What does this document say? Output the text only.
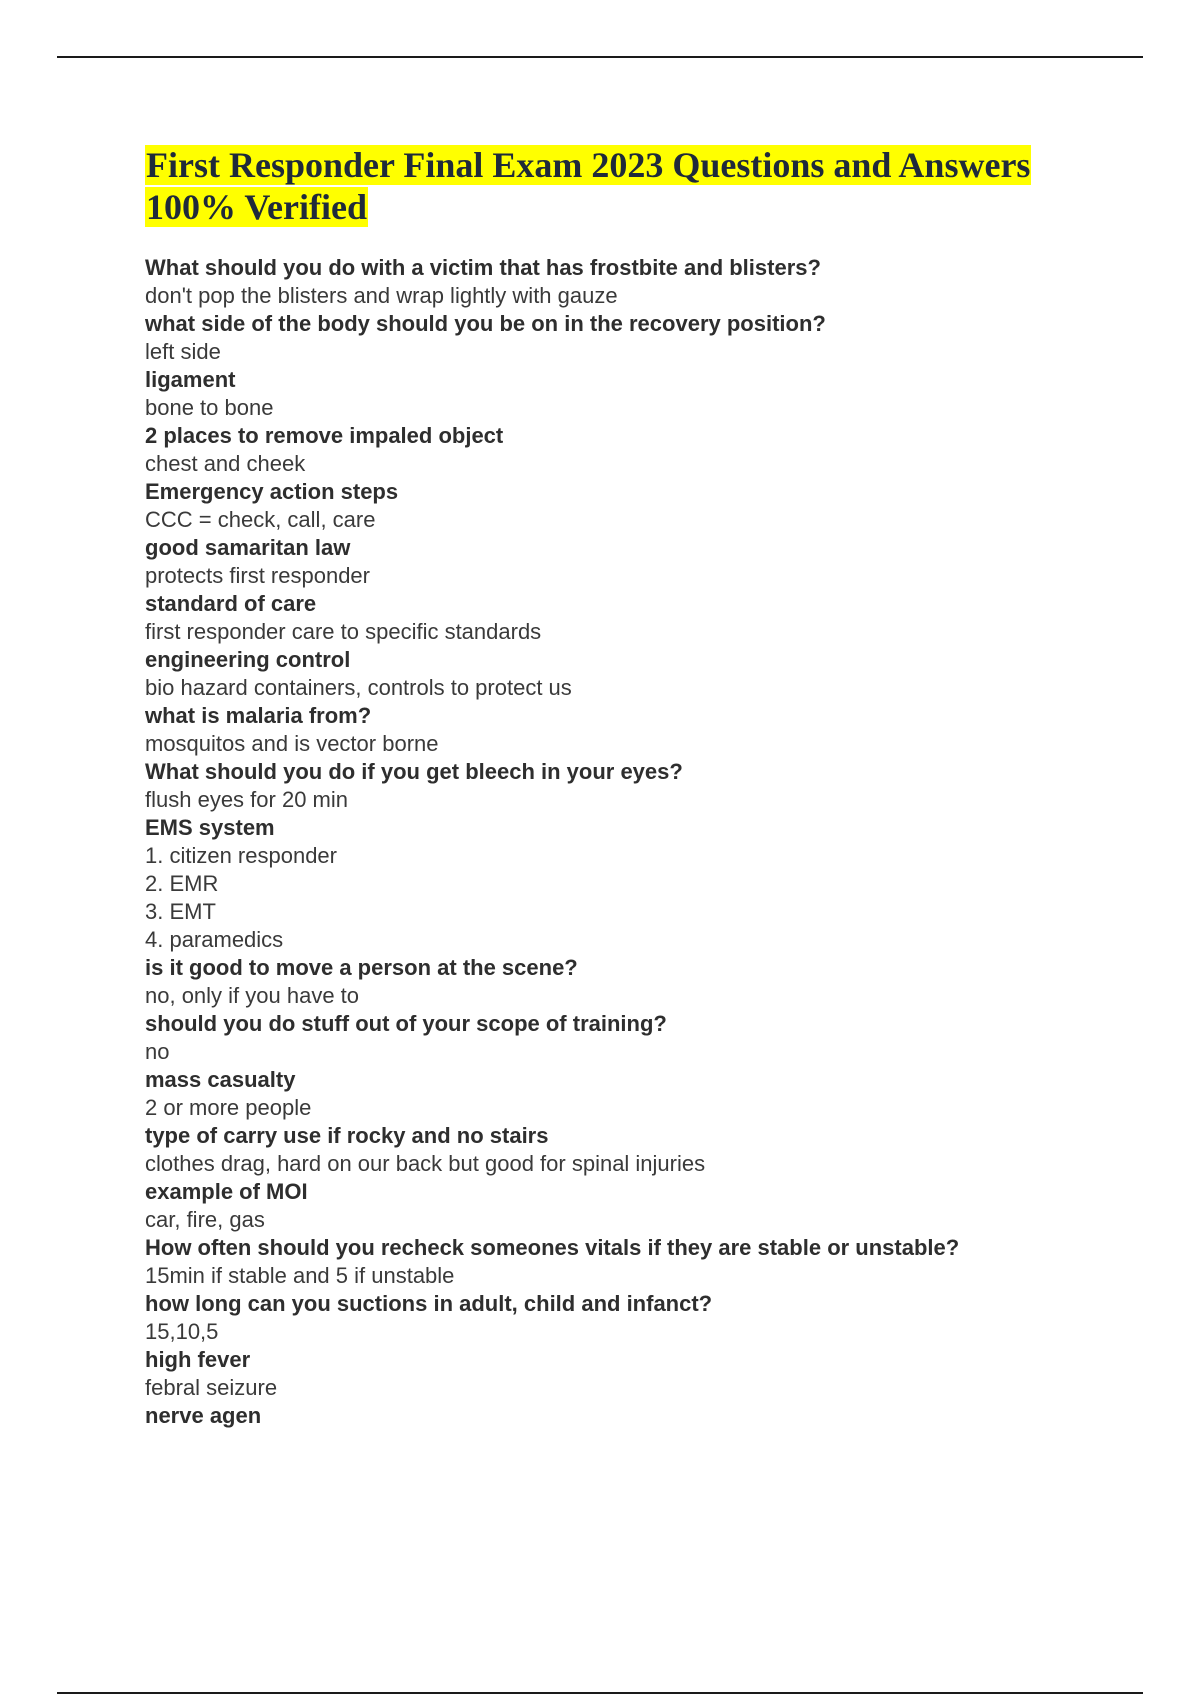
First Responder Final Exam 2023 Questions and Answers 100% Verified
What should you do with a victim that has frostbite and blisters?
don't pop the blisters and wrap lightly with gauze
what side of the body should you be on in the recovery position?
left side
ligament
bone to bone
2 places to remove impaled object
chest and cheek
Emergency action steps
CCC = check, call, care
good samaritan law
protects first responder
standard of care
first responder care to specific standards
engineering control
bio hazard containers, controls to protect us
what is malaria from?
mosquitos and is vector borne
What should you do if you get bleech in your eyes?
flush eyes for 20 min
EMS system
1. citizen responder
2. EMR
3. EMT
4. paramedics
is it good to move a person at the scene?
no, only if you have to
should you do stuff out of your scope of training?
no
mass casualty
2 or more people
type of carry use if rocky and no stairs
clothes drag, hard on our back but good for spinal injuries
example of MOI
car, fire, gas
How often should you recheck someones vitals if they are stable or unstable?
15min if stable and 5 if unstable
how long can you suctions in adult, child and infanct?
15,10,5
high fever
febral seizure
nerve agen
